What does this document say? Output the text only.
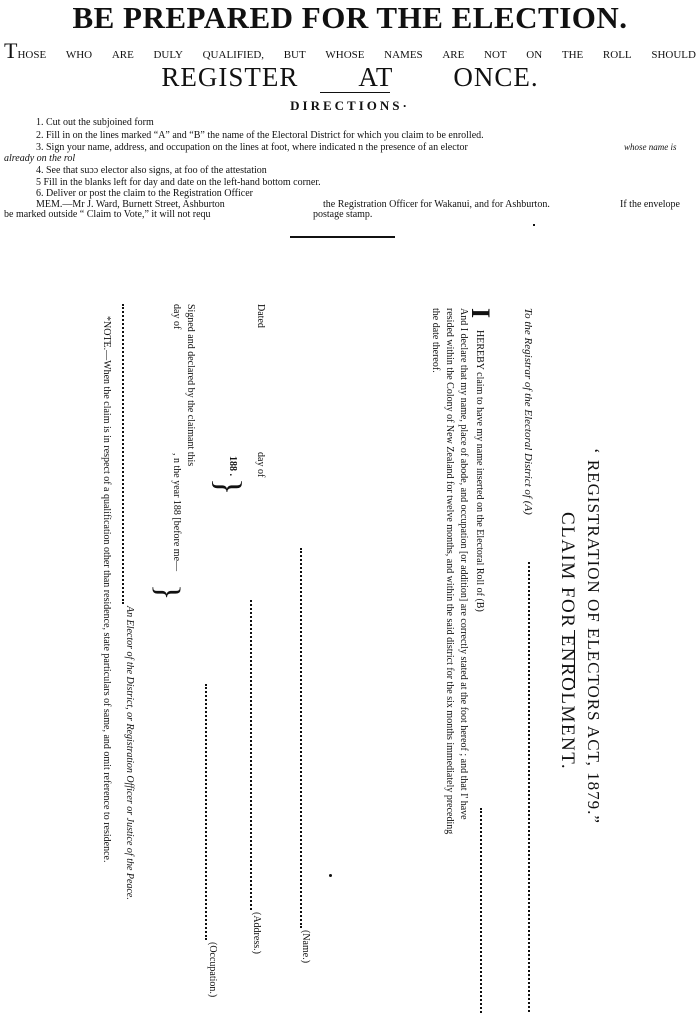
BE PREPARED FOR THE ELECTION.
THOSE WHO ARE DULY QUALIFIED, BUT WHOSE NAMES ARE NOT ON THE ROLL SHOULD
REGISTER AT ONCE.
DIRECTIONS·
1. Cut out the subjoined form
2. Fill in on the lines marked “A” and “B” the name of the Electoral District for which you claim to be enrolled.
3. Sign your name, address, and occupation on the lines at foot, where indicated n the presence of an elector	whose name is
already on the rol
4. See that suɔɔ elector also signs, at foo of the attestation
5 Fill in the blanks left for day and date on the left-hand bottom corner.
6. Deliver or post the claim to the Registration Officer
MEM.—Mr J. Ward, Burnett Street, Ashburton	the Registration Officer for Wakanui, and for Ashburton.	If the envelope
be marked outside “ Claim to Vote,” it will not requ	postage stamp.
‘ REGISTRATION OF ELECTORS ACT, 1879.”
CLAIM FOR ENROLMENT.
To the Registrar of the Electoral District of (A)
I
HEREBY claim to have my name inserted on the Electoral Roll of (B)
And I declare that my name, place of abode, and occupation [or addition] are correctly stated at the foot hereof ; and that I' have
resided within the Colony of New Zealand for twelve months, and within the said district for the six months immediately preceding
the date thereof.
(Name.)
Dated
day of
188 .
}
(Address.)
Signed and declared by the claimant this
day of
, n the year 188 [before me—
}
(Occupation.)
An Elector of the District, or Registration Officer or Justice of the Peace.
*NOTE.—When the claim is in respect of a qualification other than residence, state particulars of same, and omit reference to residence.
